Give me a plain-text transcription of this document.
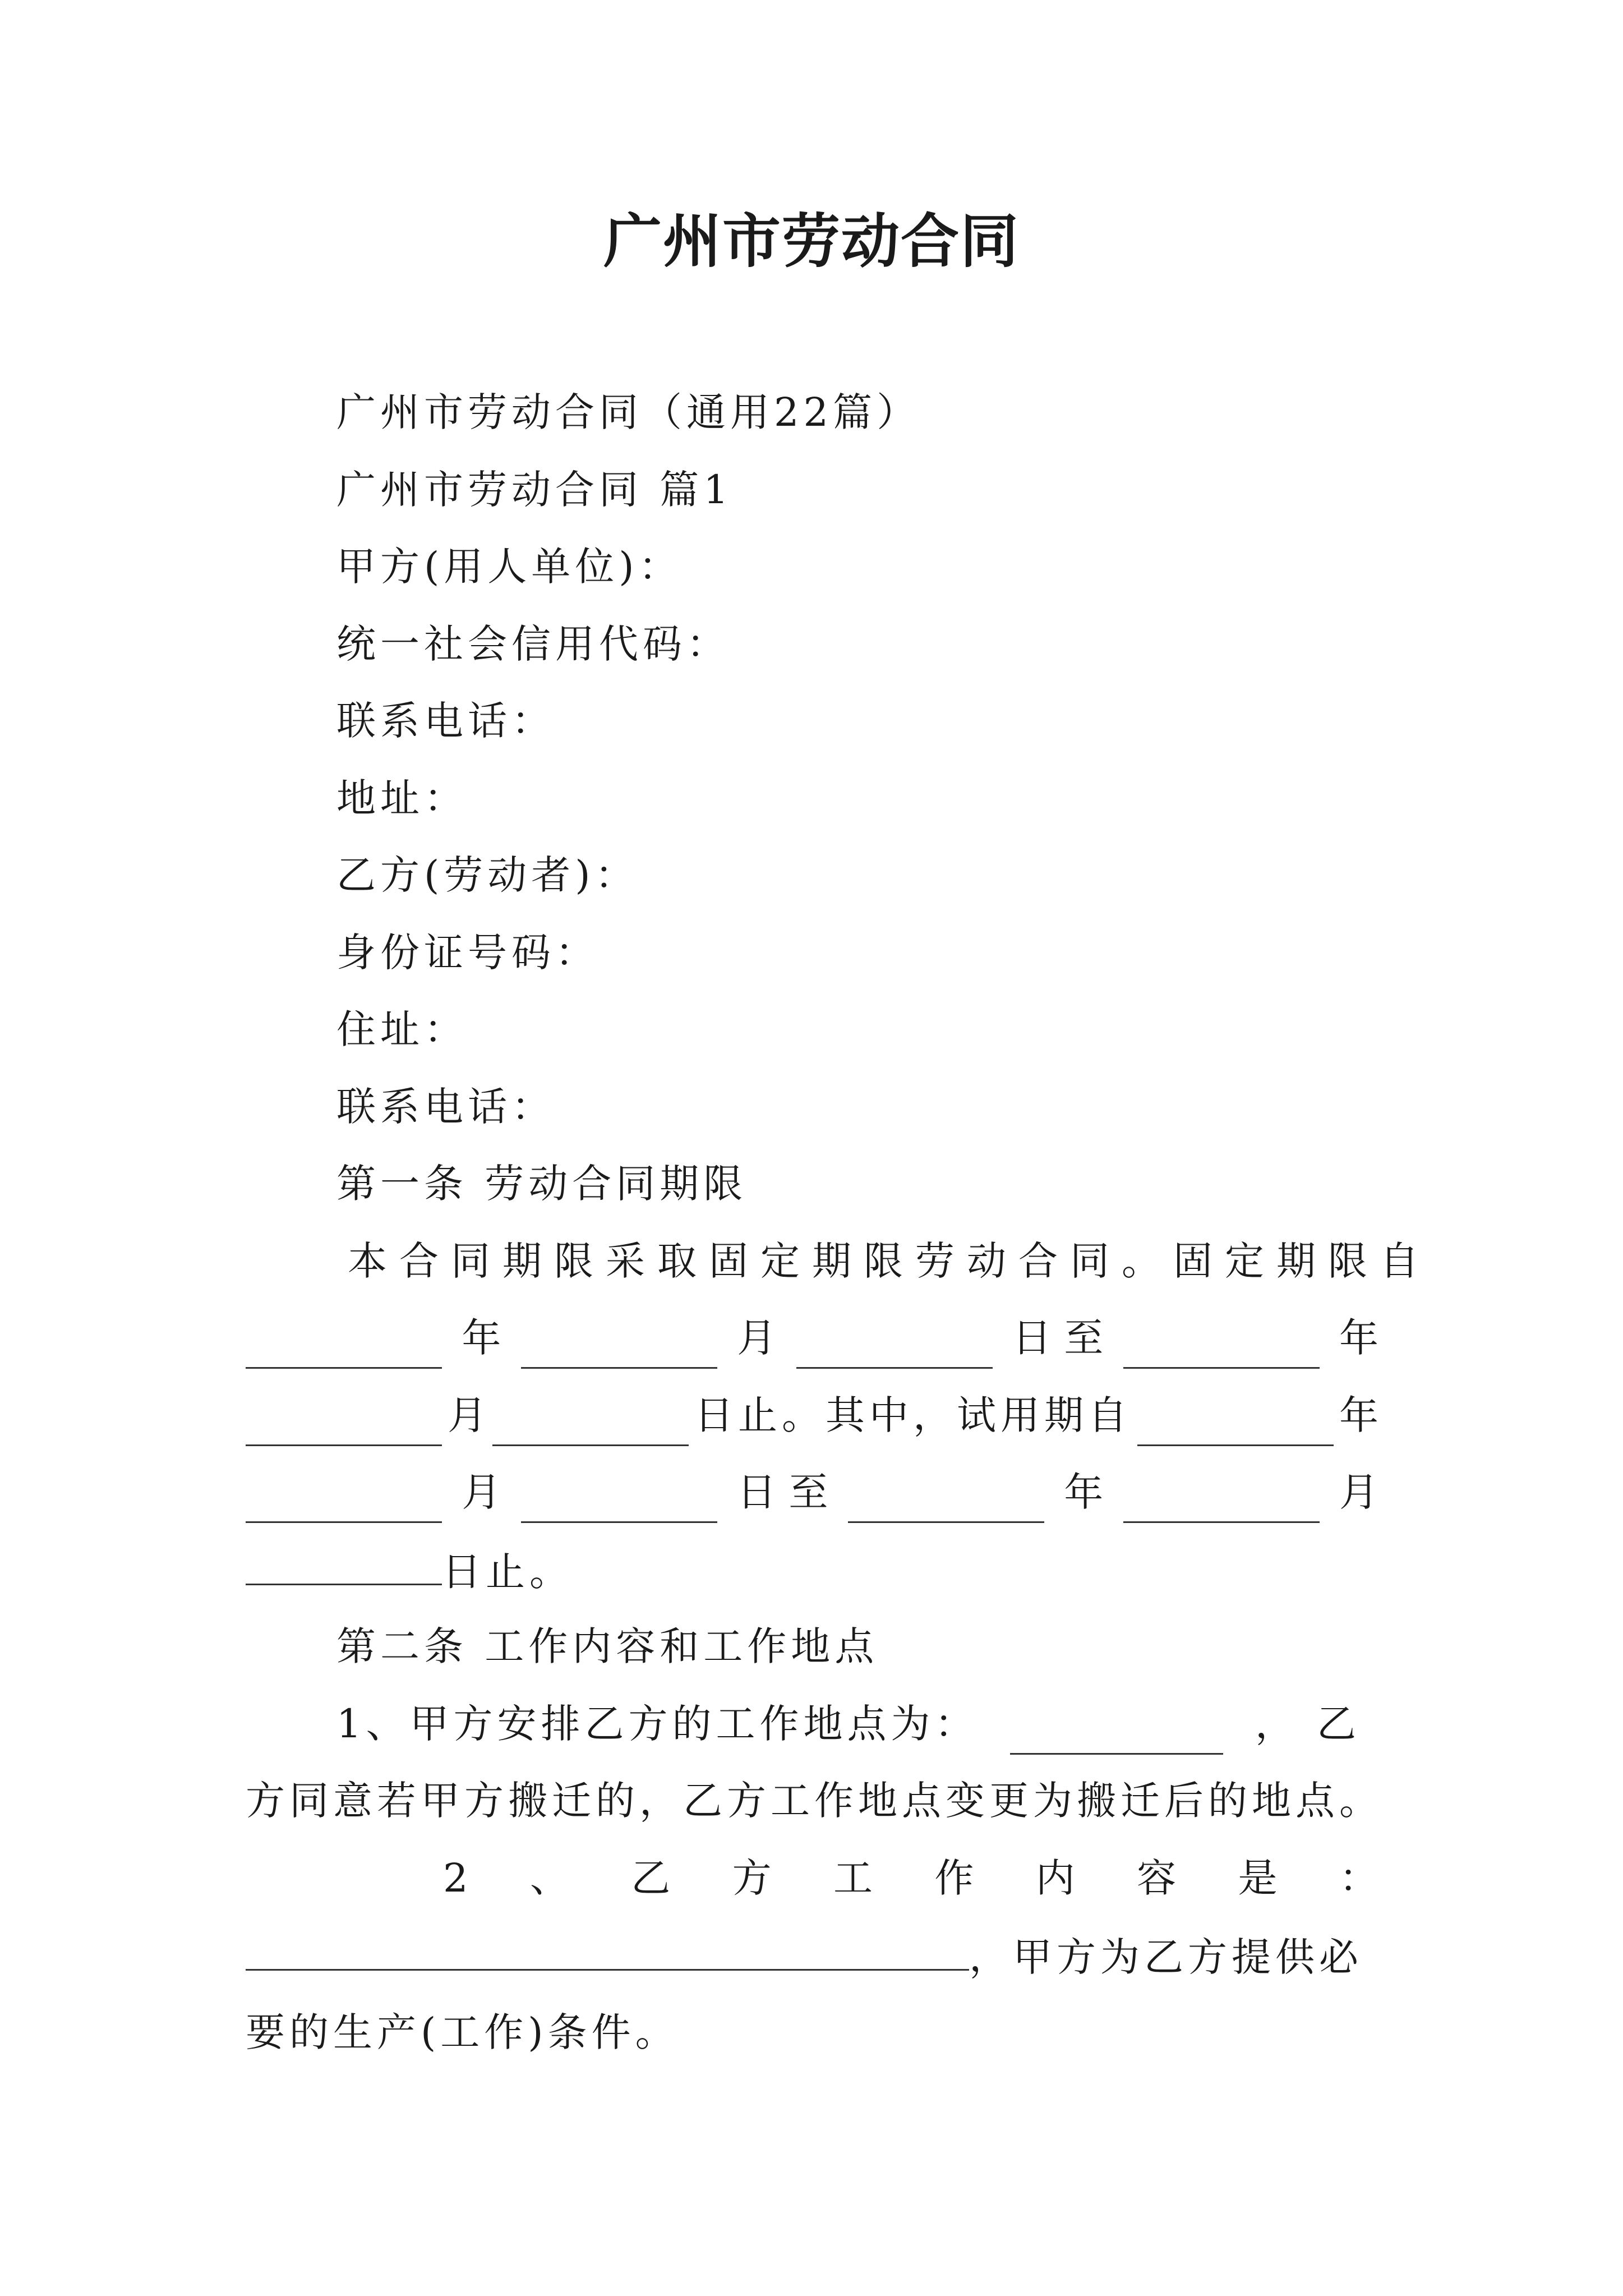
广州市劳动合同
广州市劳动合同（通用22篇）
广州市劳动合同 篇1
甲方(用人单位)：
统一社会信用代码：
联系电话：
地址：
乙方(劳动者)：
身份证号码：
住址：
联系电话：
第一条 劳动合同期限
本合同期限采取固定期限劳动合同。固定期限自
年	月	日 至	年
月	日止。其中，试用期自	年
月	日 至	年	月
日止。
第二条 工作内容和工作地点
1、甲方安排乙方的工作地点为：	，乙
方同意若甲方搬迁的，乙方工作地点变更为搬迁后的地点。
2 、 乙 方 工 作 内 容 是 ：
，甲方为乙方提供必
要的生产(工作)条件。
